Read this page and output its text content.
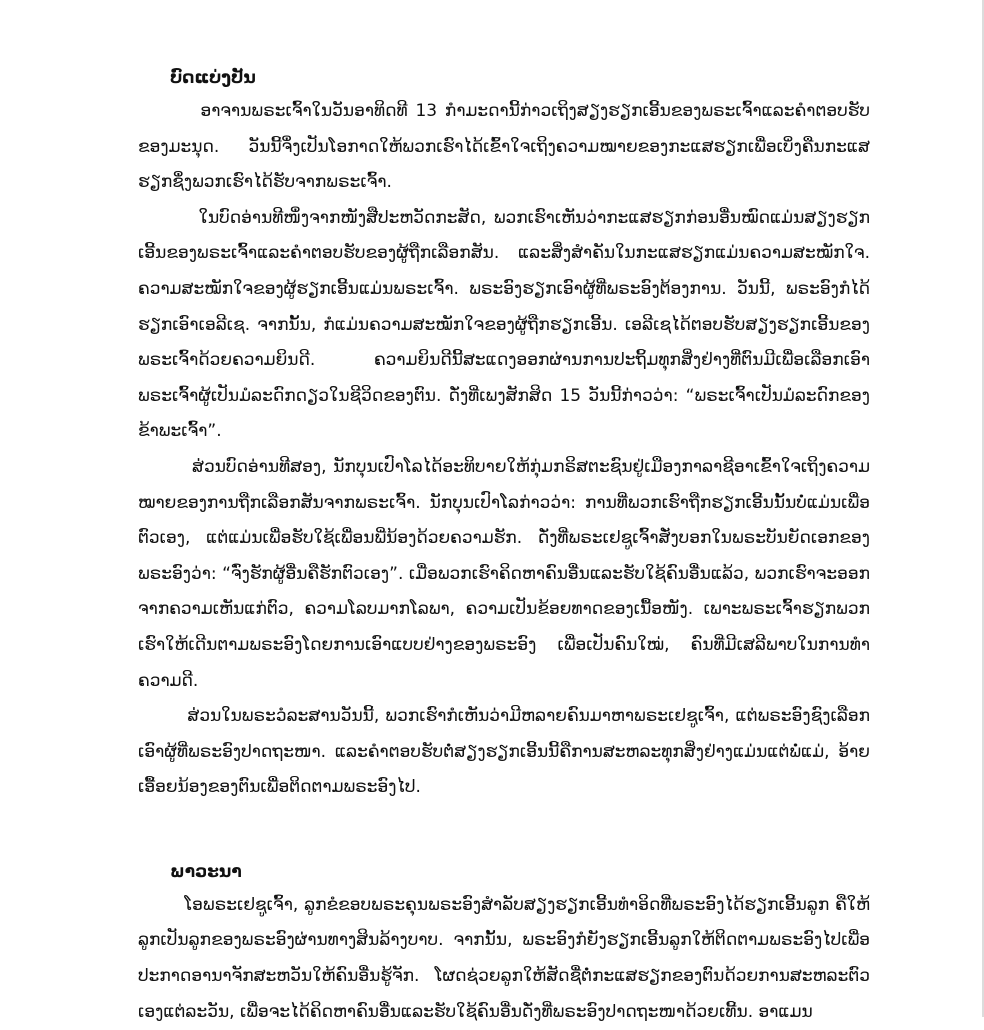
ບົດແບ່ງປັນ

ອາຈານພຣະເຈົ້າໃນວັນອາທິດທີ 13 ກຳມະດານີ້ກ່າວເຖິງສຽງຮຽກເອີ້ນຂອງພຣະເຈົ້າແລະຄຳຕອບຮັບຂອງມະນຸດ. ວັນນີ້ຈຶ່ງເປັນໂອກາດໃຫ້ພວກເຮົາໄດ້ເຂົ້າໃຈເຖິງຄວາມໝາຍຂອງກະແສຮຽກເພື່ອເບິ່ງຄືນກະແສຮຽກຊຶ່ງພວກເຮົາໄດ້ຮັບຈາກພຣະເຈົ້າ.

ໃນບົດອ່ານທີໜຶ່ງຈາກໜັງສືປະຫວັດກະສັດ, ພວກເຮົາເຫັນວ່າກະແສຮຽກກ່ອນອື່ນໝົດແມ່ນສຽງຮຽກເອີ້ນຂອງພຣະເຈົ້າແລະຄຳຕອບຮັບຂອງຜູ້ຖືກເລືອກສັນ. ແລະສິ່ງສຳຄັນໃນກະແສຮຽກແມ່ນຄວາມສະໝັກໃຈ. ຄວາມສະໝັກໃຈຂອງຜູ້ຮຽກເອີ້ນແມ່ນພຣະເຈົ້າ. ພຣະອົງຮຽກເອົາຜູ້ທີ່ພຣະອົງຕ້ອງການ. ວັນນີ້, ພຣະອົງກໍໄດ້ຮຽກເອົາເອລີເຊ. ຈາກນັ້ນ, ກໍແມ່ນຄວາມສະໝັກໃຈຂອງຜູ້ຖືກຮຽກເອີ້ນ. ເອລີເຊໄດ້ຕອບຮັບສຽງຮຽກເອີ້ນຂອງພຣະເຈົ້າດ້ວຍຄວາມຍິນດີ. ຄວາມຍິນດີນີ້ສະແດງອອກຜ່ານການປະຖິ້ມທຸກສິ່ງຢ່າງທີ່ຕົນມີເພື່ອເລືອກເອົາພຣະເຈົ້າຜູ້ເປັນມໍລະດົກດຽວໃນຊີວິດຂອງຕົນ. ດັ່ງທີ່ເພງສັກສິດ 15 ວັນນີ້ກ່າວວ່າ: “ພຣະເຈົ້າເປັນມໍລະດົກຂອງຂ້າພະເຈົ້າ”.

ສ່ວນບົດອ່ານທີສອງ, ນັກບຸນເປົາໂລໄດ້ອະທິບາຍໃຫ້ກຸ່ມກຣິສຕະຊົນຢູ່ເມືອງກາລາຊີອາເຂົ້າໃຈເຖິງຄວາມໝາຍຂອງການຖືກເລືອກສັນຈາກພຣະເຈົ້າ. ນັກບຸນເປົາໂລກ່າວວ່າ: ການທີ່ພວກເຮົາຖືກຮຽກເອີ້ນນັ້ນບໍ່ແມ່ນເພື່ອຕົວເອງ, ແຕ່ແມ່ນເພື່ອຮັບໃຊ້ເພື່ອນພີ່ນ້ອງດ້ວຍຄວາມຮັກ. ດັ່ງທີ່ພຣະເຢຊູເຈົ້າສັ່ງບອກໃນພຣະບັນຍັດເອກຂອງພຣະອົງວ່າ: “ຈົ່ງຮັກຜູ້ອື່ນຄືຮັກຕົວເອງ”. ເມື່ອພວກເຮົາຄິດຫາຄົນອື່ນແລະຮັບໃຊ້ຄົນອື່ນແລ້ວ, ພວກເຮົາຈະອອກຈາກຄວາມເຫັນແກ່ຕົວ, ຄວາມໂລບມາກໂລພາ, ຄວາມເປັນຂ້ອຍທາດຂອງເນື້ອໜັງ. ເພາະພຣະເຈົ້າຮຽກພວກເຮົາໃຫ້ເດີນຕາມພຣະອົງໂດຍການເອົາແບບຢ່າງຂອງພຣະອົງ ເພື່ອເປັນຄົນໃໝ່, ຄົນທີ່ມີເສລີພາບໃນການທຳຄວາມດີ.

ສ່ວນໃນພຣະວໍລະສານວັນນີ້, ພວກເຮົາກໍເຫັນວ່າມີຫລາຍຄົນມາຫາພຣະເຢຊູເຈົ້າ, ແຕ່ພຣະອົງຊົງເລືອກເອົາຜູ້ທີ່ພຣະອົງປາດຖະໜາ. ແລະຄຳຕອບຮັບຕໍ່ສຽງຮຽກເອີ້ນນີ້ຄືການສະຫລະທຸກສິ່ງຢ່າງແມ່ນແຕ່ພໍ່ແມ່, ອ້າຍເອື້ອຍນ້ອງຂອງຕົນເພື່ອຕິດຕາມພຣະອົງໄປ.

ພາວະນາ

ໂອພຣະເຢຊູເຈົ້າ, ລູກຂໍຂອບພຣະຄຸນພຣະອົງສຳລັບສຽງຮຽກເອີ້ນທຳອິດທີ່ພຣະອົງໄດ້ຮຽກເອີ້ນລູກ ຄືໃຫ້ລູກເປັນລູກຂອງພຣະອົງຜ່ານທາງສິນລ້າງບາບ. ຈາກນັ້ນ, ພຣະອົງກໍຍັງຮຽກເອີ້ນລູກໃຫ້ຕິດຕາມພຣະອົງໄປເພື່ອປະກາດອານາຈັກສະຫວັນໃຫ້ຄົນອື່ນຮູ້ຈັກ. ໂຜດຊ່ວຍລູກໃຫ້ສັດຊື່ຕໍ່ກະແສຮຽກຂອງຕົນດ້ວຍການສະຫລະຕົວເອງແຕ່ລະວັນ, ເພື່ອຈະໄດ້ຄິດຫາຄົນອື່ນແລະຮັບໃຊ້ຄົນອື່ນດັ່ງທີ່ພຣະອົງປາດຖະໜາດ້ວຍເທີ້ນ. ອາແມນ
